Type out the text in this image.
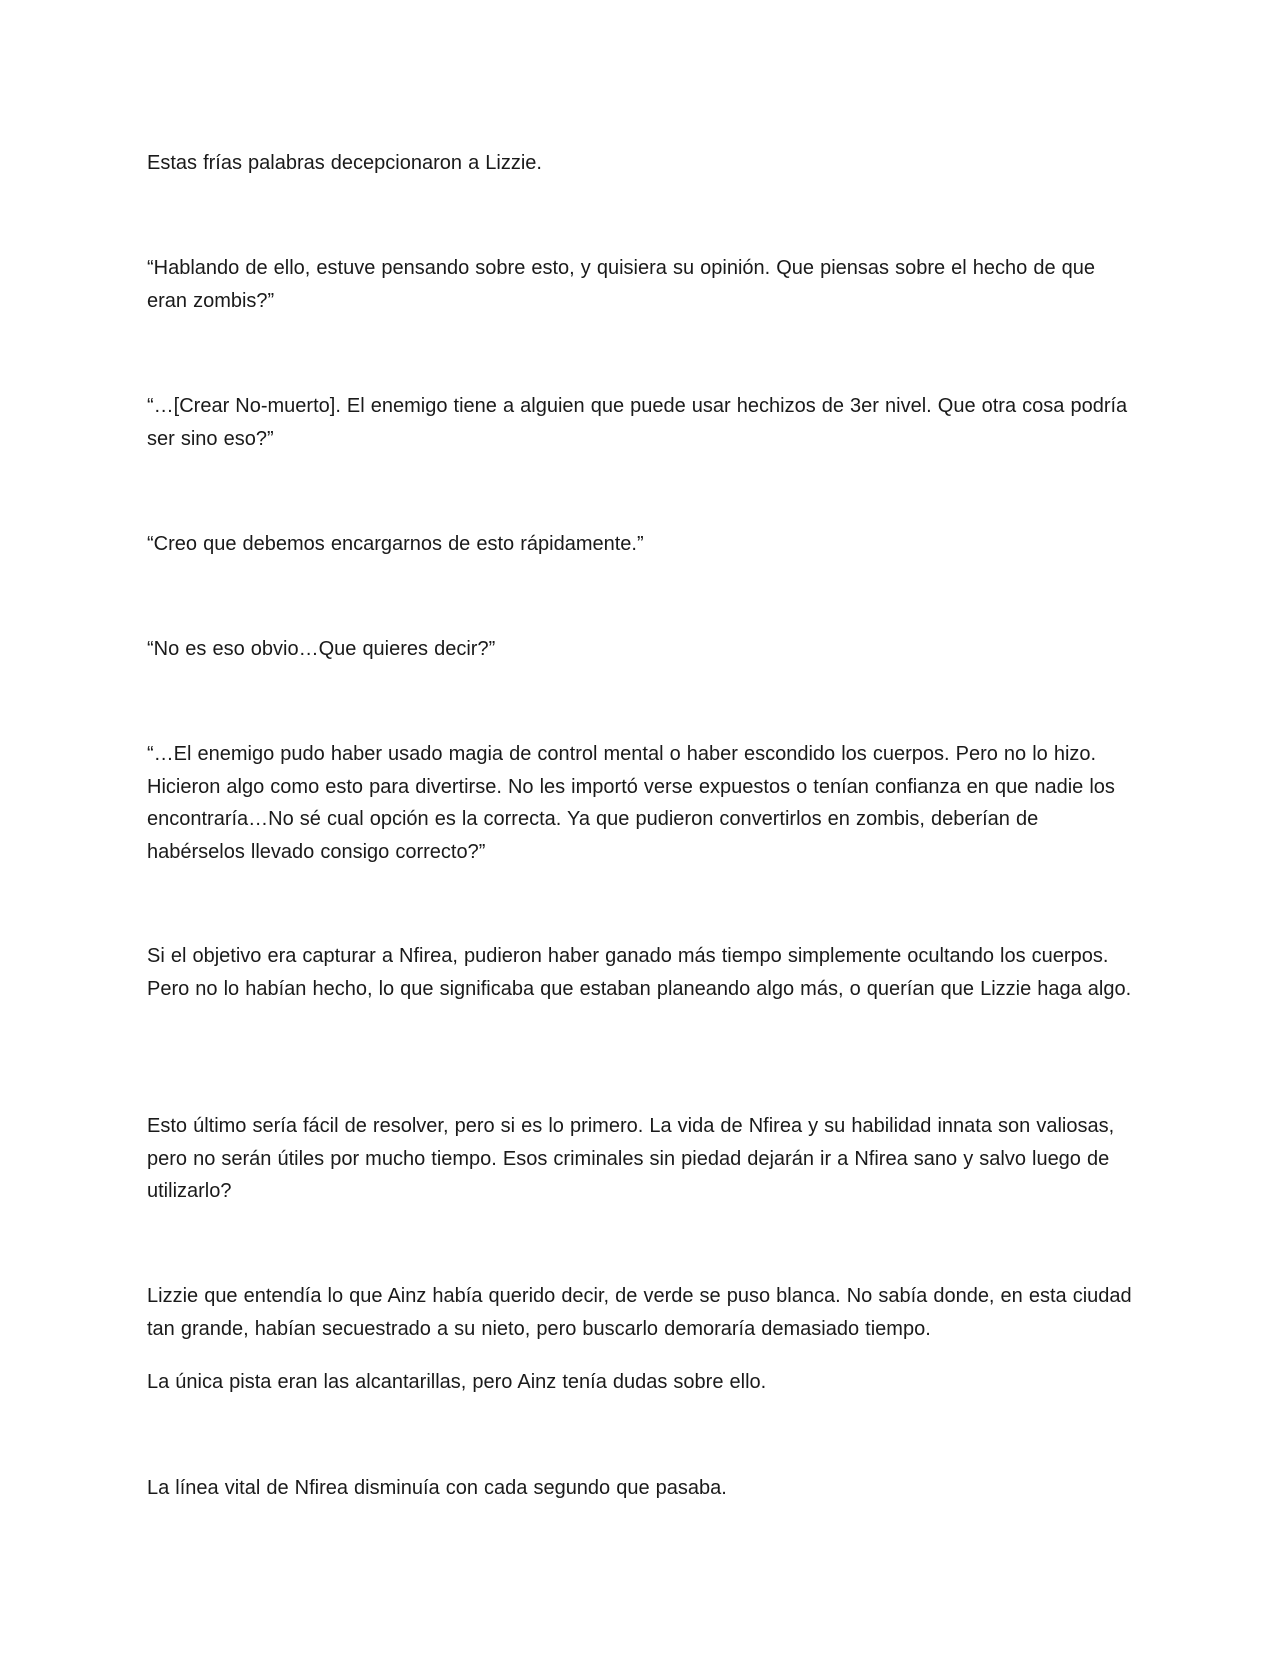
Estas frías palabras decepcionaron a Lizzie.

“Hablando de ello, estuve pensando sobre esto, y quisiera su opinión. Que piensas sobre el hecho de que eran zombis?”

“…[Crear No-muerto]. El enemigo tiene a alguien que puede usar hechizos de 3er nivel. Que otra cosa podría ser sino eso?”

“Creo que debemos encargarnos de esto rápidamente.”

“No es eso obvio…Que quieres decir?”

“…El enemigo pudo haber usado magia de control mental o haber escondido los cuerpos. Pero no lo hizo. Hicieron algo como esto para divertirse. No les importó verse expuestos o tenían confianza en que nadie los encontraría…No sé cual opción es la correcta. Ya que pudieron convertirlos en zombis, deberían de habérselos llevado consigo correcto?”

Si el objetivo era capturar a Nfirea, pudieron haber ganado más tiempo simplemente ocultando los cuerpos. Pero no lo habían hecho, lo que significaba que estaban planeando algo más, o querían que Lizzie haga algo.

Esto último sería fácil de resolver, pero si es lo primero. La vida de Nfirea y su habilidad innata son valiosas, pero no serán útiles por mucho tiempo. Esos criminales sin piedad dejarán ir a Nfirea sano y salvo luego de utilizarlo?

Lizzie que entendía lo que Ainz había querido decir, de verde se puso blanca. No sabía donde, en esta ciudad tan grande, habían secuestrado a su nieto, pero buscarlo demoraría demasiado tiempo.

La única pista eran las alcantarillas, pero Ainz tenía dudas sobre ello.

La línea vital de Nfirea disminuía con cada segundo que pasaba.
